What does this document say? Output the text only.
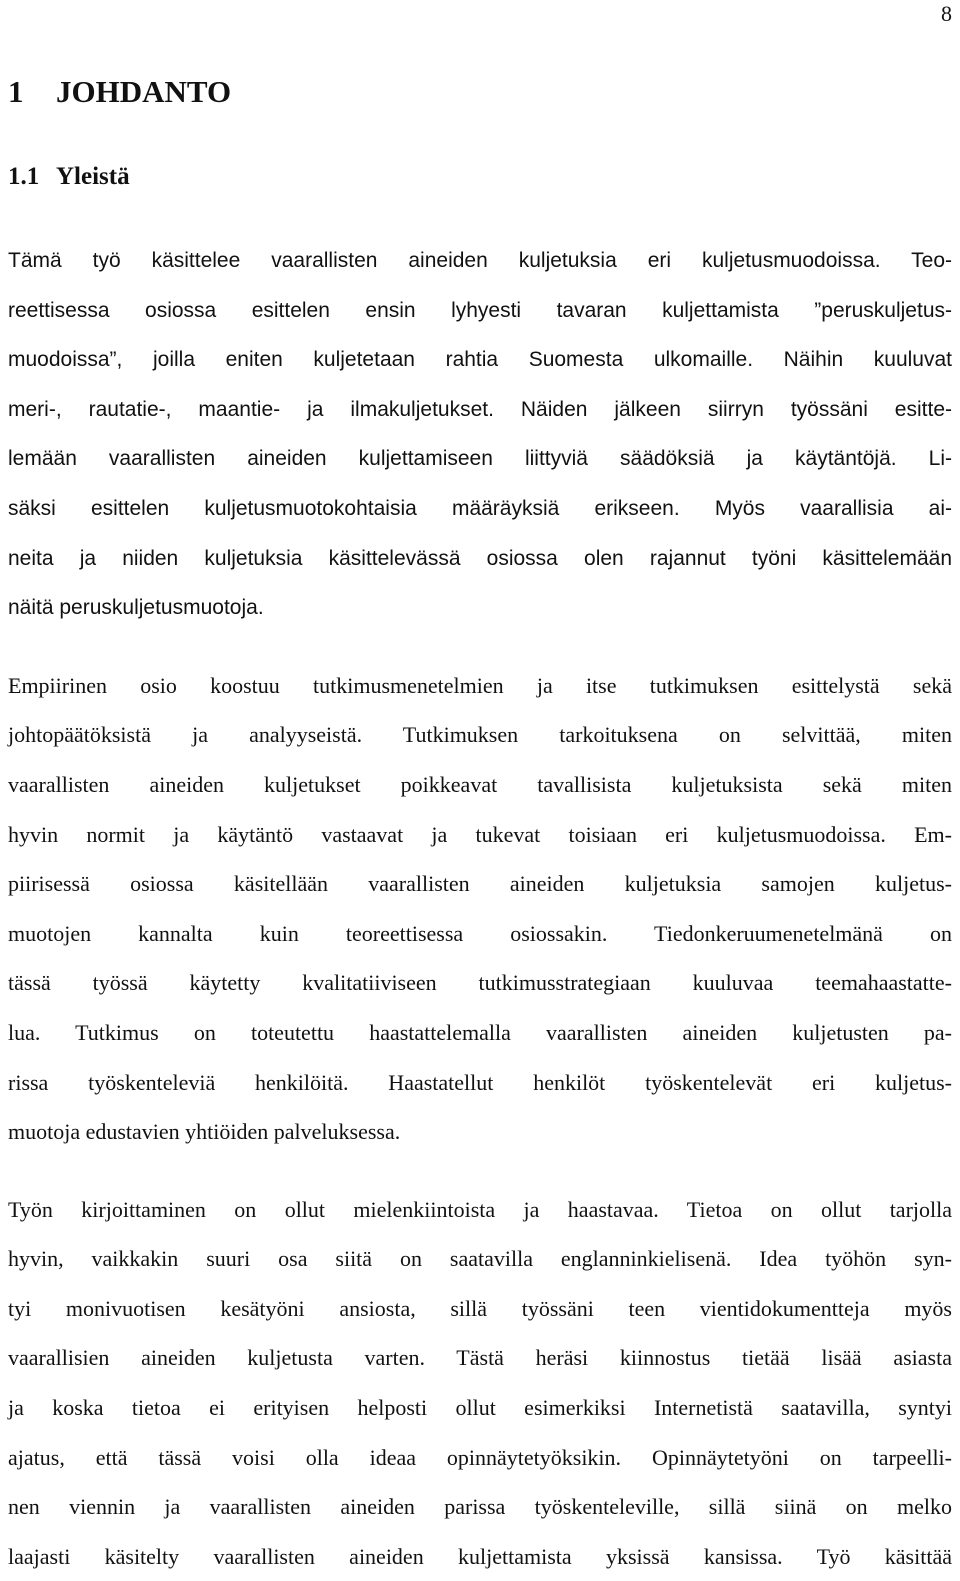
8
1 JOHDANTO
1.1 Yleistä
Tämä työ käsittelee vaarallisten aineiden kuljetuksia eri kuljetusmuodoissa. Teo-
reettisessa osiossa esittelen ensin lyhyesti tavaran kuljettamista ”peruskuljetus-
muodoissa”, joilla eniten kuljetetaan rahtia Suomesta ulkomaille. Näihin kuuluvat
meri-, rautatie-, maantie- ja ilmakuljetukset. Näiden jälkeen siirryn työssäni esitte-
lemään vaarallisten aineiden kuljettamiseen liittyviä säädöksiä ja käytäntöjä. Li-
säksi esittelen kuljetusmuotokohtaisia määräyksiä erikseen. Myös vaarallisia ai-
neita ja niiden kuljetuksia käsittelevässä osiossa olen rajannut työni käsittelemään
näitä peruskuljetusmuotoja.
Empiirinen osio koostuu tutkimusmenetelmien ja itse tutkimuksen esittelystä sekä
johtopäätöksistä ja analyyseistä. Tutkimuksen tarkoituksena on selvittää, miten
vaarallisten aineiden kuljetukset poikkeavat tavallisista kuljetuksista sekä miten
hyvin normit ja käytäntö vastaavat ja tukevat toisiaan eri kuljetusmuodoissa. Em-
piirisessä osiossa käsitellään vaarallisten aineiden kuljetuksia samojen kuljetus-
muotojen kannalta kuin teoreettisessa osiossakin. Tiedonkeruumenetelmänä on
tässä työssä käytetty kvalitatiiviseen tutkimusstrategiaan kuuluvaa teemahaastatte-
lua. Tutkimus on toteutettu haastattelemalla vaarallisten aineiden kuljetusten pa-
rissa työskenteleviä henkilöitä. Haastatellut henkilöt työskentelevät eri kuljetus-
muotoja edustavien yhtiöiden palveluksessa.
Työn kirjoittaminen on ollut mielenkiintoista ja haastavaa. Tietoa on ollut tarjolla
hyvin, vaikkakin suuri osa siitä on saatavilla englanninkielisenä. Idea työhön syn-
tyi monivuotisen kesätyöni ansiosta, sillä työssäni teen vientidokumentteja myös
vaarallisien aineiden kuljetusta varten. Tästä heräsi kiinnostus tietää lisää asiasta
ja koska tietoa ei erityisen helposti ollut esimerkiksi Internetistä saatavilla, syntyi
ajatus, että tässä voisi olla ideaa opinnäytetyöksikin. Opinnäytetyöni on tarpeelli-
nen viennin ja vaarallisten aineiden parissa työskenteleville, sillä siinä on melko
laajasti käsitelty vaarallisten aineiden kuljettamista yksissä kansissa. Työ käsittää
